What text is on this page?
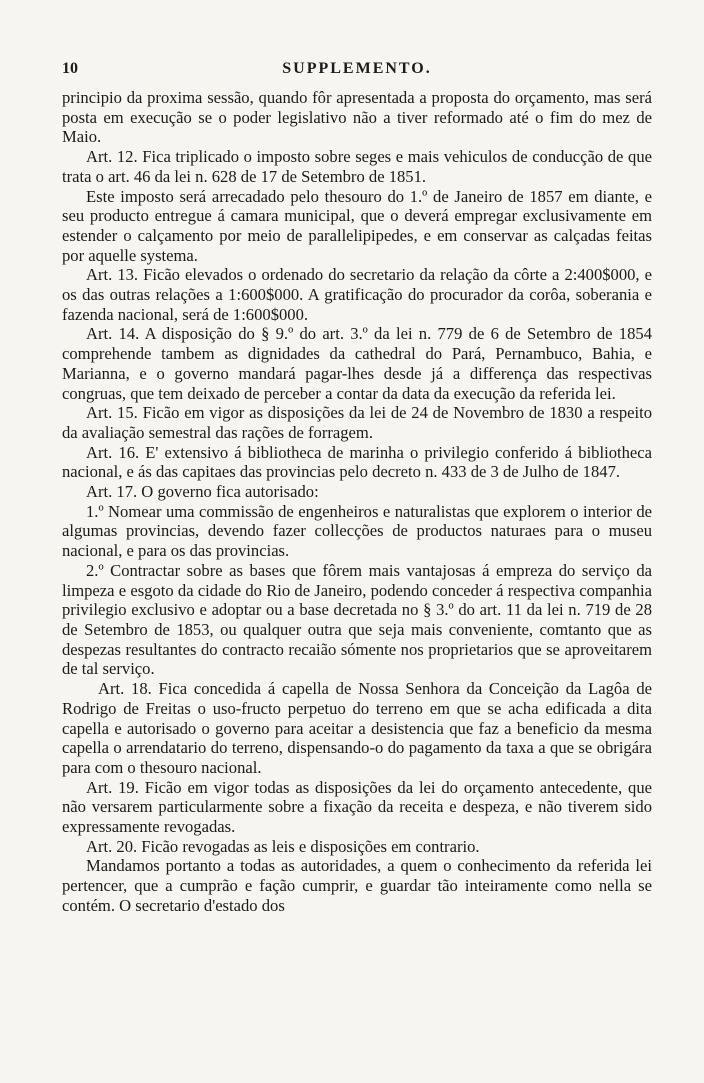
10	SUPPLEMENTO.

principio da proxima sessão, quando fôr apresentada a proposta do orçamento, mas será posta em execução se o poder legislativo não a tiver reformado até o fim do mez de Maio.

Art. 12. Fica triplicado o imposto sobre seges e mais vehiculos de conducção de que trata o art. 46 da lei n. 628 de 17 de Setembro de 1851.

Este imposto será arrecadado pelo thesouro do 1.º de Janeiro de 1857 em diante, e seu producto entregue á camara municipal, que o deverá empregar exclusivamente em estender o calçamento por meio de parallelipipedes, e em conservar as calçadas feitas por aquelle systema.

Art. 13. Ficão elevados o ordenado do secretario da relação da côrte a 2:400$000, e os das outras relações a 1:600$000. A gratificação do procurador da corôa, soberania e fazenda nacional, será de 1:600$000.

Art. 14. A disposição do § 9.º do art. 3.º da lei n. 779 de 6 de Setembro de 1854 comprehende tambem as dignidades da cathedral do Pará, Pernambuco, Bahia, e Marianna, e o governo mandará pagar-lhes desde já a differença das respectivas congruas, que tem deixado de perceber a contar da data da execução da referida lei.

Art. 15. Ficão em vigor as disposições da lei de 24 de Novembro de 1830 a respeito da avaliação semestral das rações de forragem.

Art. 16. E' extensivo á bibliotheca de marinha o privilegio conferido á bibliotheca nacional, e ás das capitaes das provincias pelo decreto n. 433 de 3 de Julho de 1847.

Art. 17. O governo fica autorisado:

1.º Nomear uma commissão de engenheiros e naturalistas que explorem o interior de algumas provincias, devendo fazer collecções de productos naturaes para o museu nacional, e para os das provincias.

2.º Contractar sobre as bases que fôrem mais vantajosas á empreza do serviço da limpeza e esgoto da cidade do Rio de Janeiro, podendo conceder á respectiva companhia privilegio exclusivo e adoptar ou a base decretada no § 3.º do art. 11 da lei n. 719 de 28 de Setembro de 1853, ou qualquer outra que seja mais conveniente, comtanto que as despezas resultantes do contracto recaião sómente nos proprietarios que se aproveitarem de tal serviço.

Art. 18. Fica concedida á capella de Nossa Senhora da Conceição da Lagôa de Rodrigo de Freitas o uso-fructo perpetuo do terreno em que se acha edificada a dita capella e autorisado o governo para aceitar a desistencia que faz a beneficio da mesma capella o arrendatario do terreno, dispensando-o do pagamento da taxa a que se obrigára para com o thesouro nacional.

Art. 19. Ficão em vigor todas as disposições da lei do orçamento antecedente, que não versarem particularmente sobre a fixação da receita e despeza, e não tiverem sido expressamente revogadas.

Art. 20. Ficão revogadas as leis e disposições em contrario.

Mandamos portanto a todas as autoridades, a quem o conhecimento da referida lei pertencer, que a cumprão e fação cumprir, e guardar tão inteiramente como nella se contém. O secretario d'estado dos
